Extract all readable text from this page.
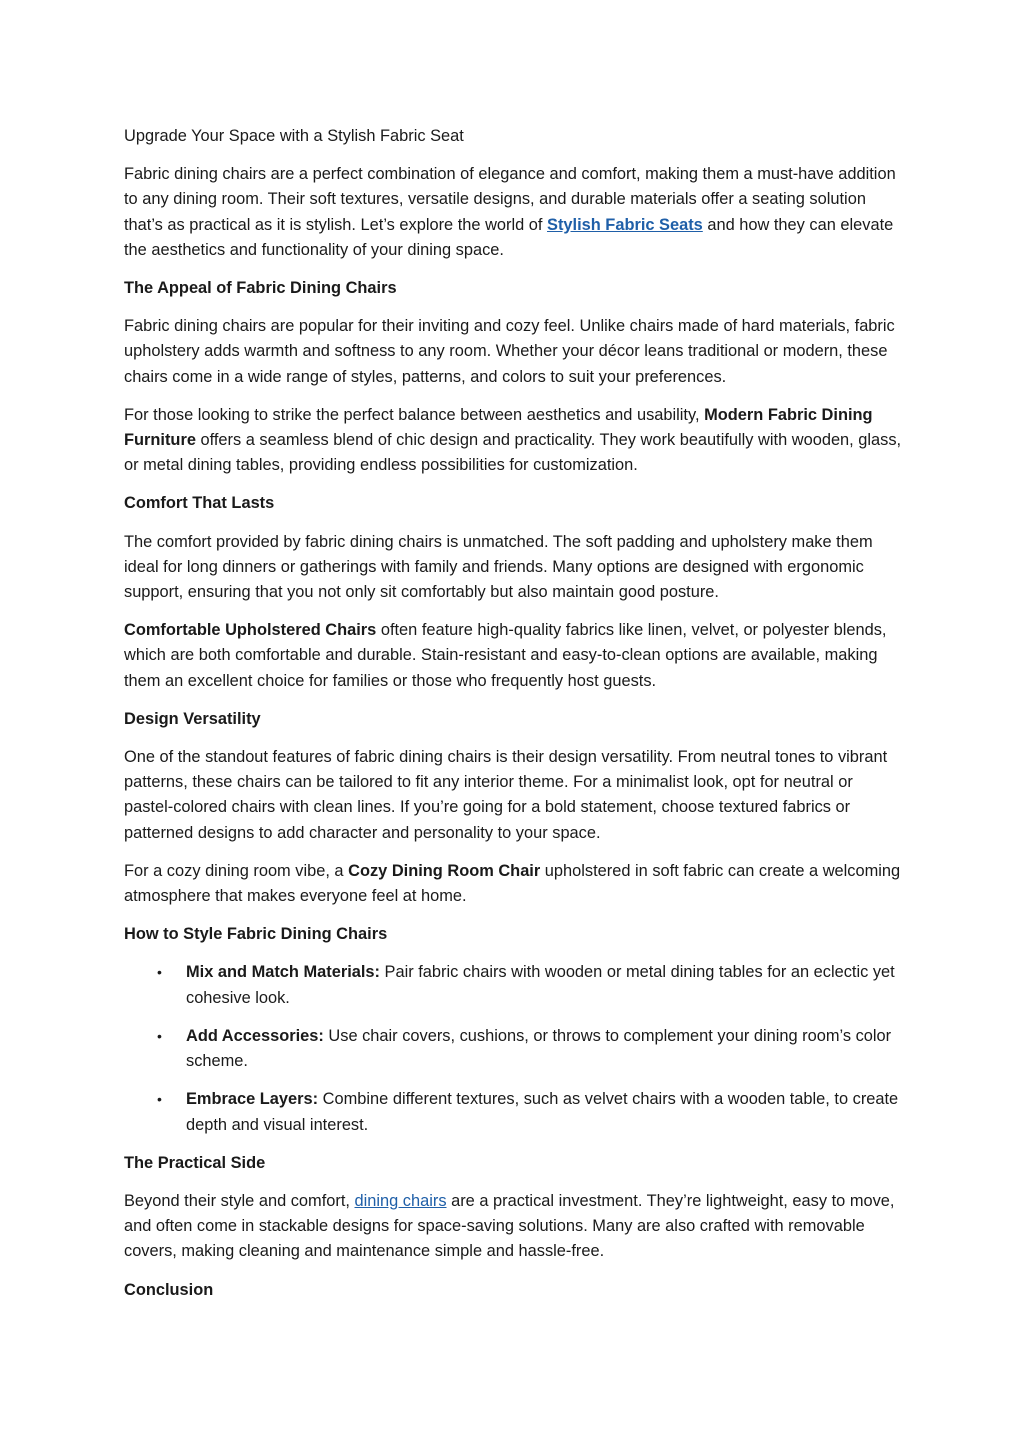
Upgrade Your Space with a Stylish Fabric Seat

Fabric dining chairs are a perfect combination of elegance and comfort, making them a must-have addition to any dining room. Their soft textures, versatile designs, and durable materials offer a seating solution that’s as practical as it is stylish. Let’s explore the world of Stylish Fabric Seats and how they can elevate the aesthetics and functionality of your dining space.

The Appeal of Fabric Dining Chairs

Fabric dining chairs are popular for their inviting and cozy feel. Unlike chairs made of hard materials, fabric upholstery adds warmth and softness to any room. Whether your décor leans traditional or modern, these chairs come in a wide range of styles, patterns, and colors to suit your preferences.

For those looking to strike the perfect balance between aesthetics and usability, Modern Fabric Dining Furniture offers a seamless blend of chic design and practicality. They work beautifully with wooden, glass, or metal dining tables, providing endless possibilities for customization.

Comfort That Lasts

The comfort provided by fabric dining chairs is unmatched. The soft padding and upholstery make them ideal for long dinners or gatherings with family and friends. Many options are designed with ergonomic support, ensuring that you not only sit comfortably but also maintain good posture.

Comfortable Upholstered Chairs often feature high-quality fabrics like linen, velvet, or polyester blends, which are both comfortable and durable. Stain-resistant and easy-to-clean options are available, making them an excellent choice for families or those who frequently host guests.

Design Versatility

One of the standout features of fabric dining chairs is their design versatility. From neutral tones to vibrant patterns, these chairs can be tailored to fit any interior theme. For a minimalist look, opt for neutral or pastel-colored chairs with clean lines. If you’re going for a bold statement, choose textured fabrics or patterned designs to add character and personality to your space.

For a cozy dining room vibe, a Cozy Dining Room Chair upholstered in soft fabric can create a welcoming atmosphere that makes everyone feel at home.

How to Style Fabric Dining Chairs

• Mix and Match Materials: Pair fabric chairs with wooden or metal dining tables for an eclectic yet cohesive look.
• Add Accessories: Use chair covers, cushions, or throws to complement your dining room’s color scheme.
• Embrace Layers: Combine different textures, such as velvet chairs with a wooden table, to create depth and visual interest.

The Practical Side

Beyond their style and comfort, dining chairs are a practical investment. They’re lightweight, easy to move, and often come in stackable designs for space-saving solutions. Many are also crafted with removable covers, making cleaning and maintenance simple and hassle-free.

Conclusion
